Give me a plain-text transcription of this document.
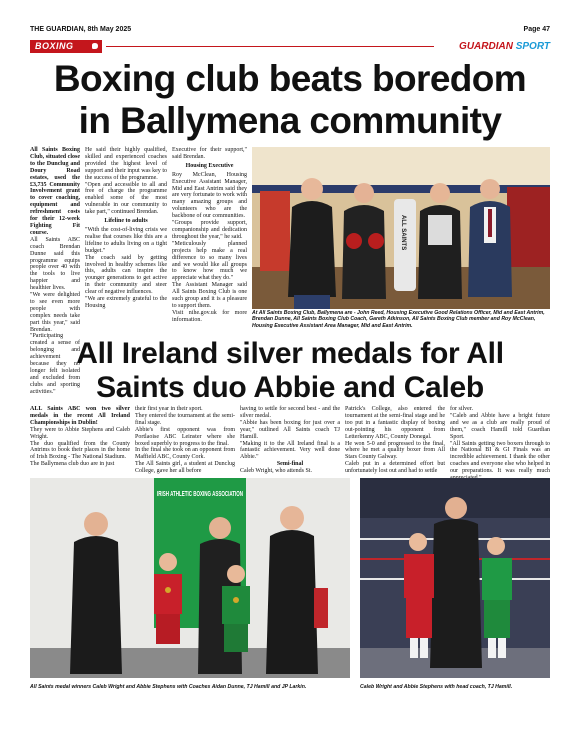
THE GUARDIAN, 8th May 2025	Page 47
BOXING	GUARDIAN SPORT
Boxing club beats boredom
in Ballymena community

All Saints Boxing Club, situated close to the Dunclug and Doury Road estates, used the £3,735 Community Involvement grant to cover coaching, equipment and refreshment costs for their 12-week Fighting Fit course.

All Saints ABC coach Brendan Dunne said this programme equips people over 40 with the tools to live happier and healthier lives.

"We were delighted to see even more people with complex needs take part this year," said Brendan.

"Participating created a sense of belonging and achievement because they no longer felt isolated and excluded from clubs and sporting activities."

He said their highly qualified, skilled and experienced coaches provided the highest level of support and their input was key to the success of the programme.

"Open and accessible to all and free of charge the programme enabled some of the most vulnerable in our community to take part," continued Brendan.

Lifeline to adults

"With the cost-of-living crisis we realise that courses like this are a lifeline to adults living on a tight budget."

The coach said by getting involved in healthy schemes like this, adults can inspire the younger generations to get active in their community and steer clear of negative influences.

"We are extremely grateful to the Housing

Executive for their support," said Brendan.

Housing Executive

Roy McClean, Housing Executive Assistant Manager, Mid and East Antrim said they are very fortunate to work with many amazing groups and volunteers who are the backbone of our communities.

"Groups provide support, companionship and dedication throughout the year," he said.

"Meticulously planned projects help make a real difference to so many lives and we would like all groups to know how much we appreciate what they do."

The Assistant Manager said All Saints Boxing Club is one such group and it is a pleasure to support them.

Visit nihe.gov.uk for more information.

ALL SAINTS
At All Saints Boxing Club, Ballymena are - John Reed, Housing Executive Good Relations Officer, Mid and East Antrim, Brendan Dunne, All Saints Boxing Club Coach, Gareth Atkinson, All Saints Boxing Club member and Roy McClean, Housing Executive Assistant Area Manager, Mid and East Antrim.
All Ireland silver medals for All
Saints duo Abbie and Caleb

ALL Saints ABC won two silver medals in the recent All Ireland Championships in Dublin!

They were to Abbie Stephens and Caleb Wright.

The duo qualified from the County Antrims to book their places in the home of Irish Boxing - The National Stadium.

The Ballymena club duo are in just

their first year in their sport.

They entered the tournament at the semi-final stage.

Abbie's first opponent was from Portlaoise ABC Leinster where she boxed superbly to progress to the final.

In the final she took on an opponent from Maffield ABC, County Cork.

The All Saints girl, a student at Dunclug College, gave her all before

having to settle for second best - and the silver medal.

"Abbie has been boxing for just over a year," outlined All Saints coach TJ Hamill.

"Making it to the All Ireland final is a fantastic achievement. Very well done Abbie."

Semi-final

Caleb Wright, who attends St.

Patrick's College, also entered the tournament at the semi-final stage and he too put in a fantastic display of boxing out-pointing his opponent from Letterkenny ABC, County Donegal.

He won 5-0 and progressed to the final, where he met a quality boxer from All Stars County Galway.

Caleb put in a determined effort but unfortunately lost out and had to settle

for silver.

"Caleb and Abbie have a bright future and we as a club are really proud of them," coach Hamill told Guardian Sport.

"All Saints getting two boxers through to the National BI & GI Finals was an incredible achievement. I thank the other coaches and everyone else who helped in our preparations. It was really much

IRISH ATHLETIC BOXING ASSOCIATION
All Saints medal winners Caleb Wright and Abbie Stephens with Coaches Aidan Dunne, TJ Hamill and JP Larkin.	Caleb Wright and Abbie Stephens with head coach, TJ Hamill.
